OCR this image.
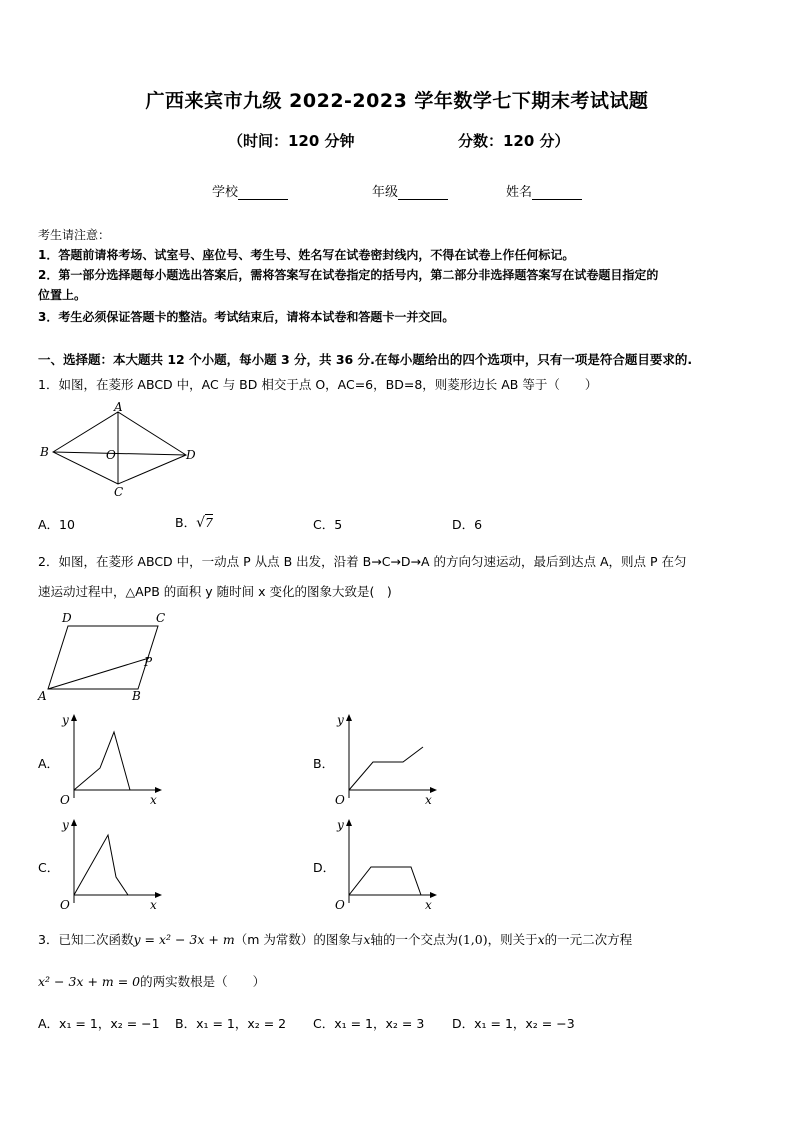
广西来宾市九级 2022-2023 学年数学七下期末考试试题
（时间：120 分钟	分数：120 分）
学校	年级	姓名
考生请注意：
1．答题前请将考场、试室号、座位号、考生号、姓名写在试卷密封线内，不得在试卷上作任何标记。
2．第一部分选择题每小题选出答案后，需将答案写在试卷指定的括号内，第二部分非选择题答案写在试卷题目指定的
位置上。
3．考生必须保证答题卡的整洁。考试结束后，请将本试卷和答题卡一并交回。
一、选择题：本大题共 12 个小题，每小题 3 分，共 36 分.在每小题给出的四个选项中，只有一项是符合题目要求的.
1．如图，在菱形 ABCD 中，AC 与 BD 相交于点 O，AC=6，BD=8，则菱形边长 AB 等于（　　）
A
B	D
C
O
A．10	B．√7	C．5	D．6
2．如图，在菱形 ABCD 中，一动点 P 从点 B 出发，沿着 B→C→D→A 的方向匀速运动，最后到达点 A，则点 P 在匀
速运动过程中，△APB 的面积 y 随时间 x 变化的图象大致是(　)
D	C
P
A	B
A．
y
x
O
B．
y
x
O
C．
y
x
O
D．
y
x
O
3．已知二次函数y = x² − 3x + m（m 为常数）的图象与x轴的一个交点为(1,0)，则关于x的一元二次方程
x² − 3x + m = 0的两实数根是（　　）
A．x₁ = 1，x₂ = −1 B．x₁ = 1，x₂ = 2 C．x₁ = 1，x₂ = 3 D．x₁ = 1，x₂ = −3
